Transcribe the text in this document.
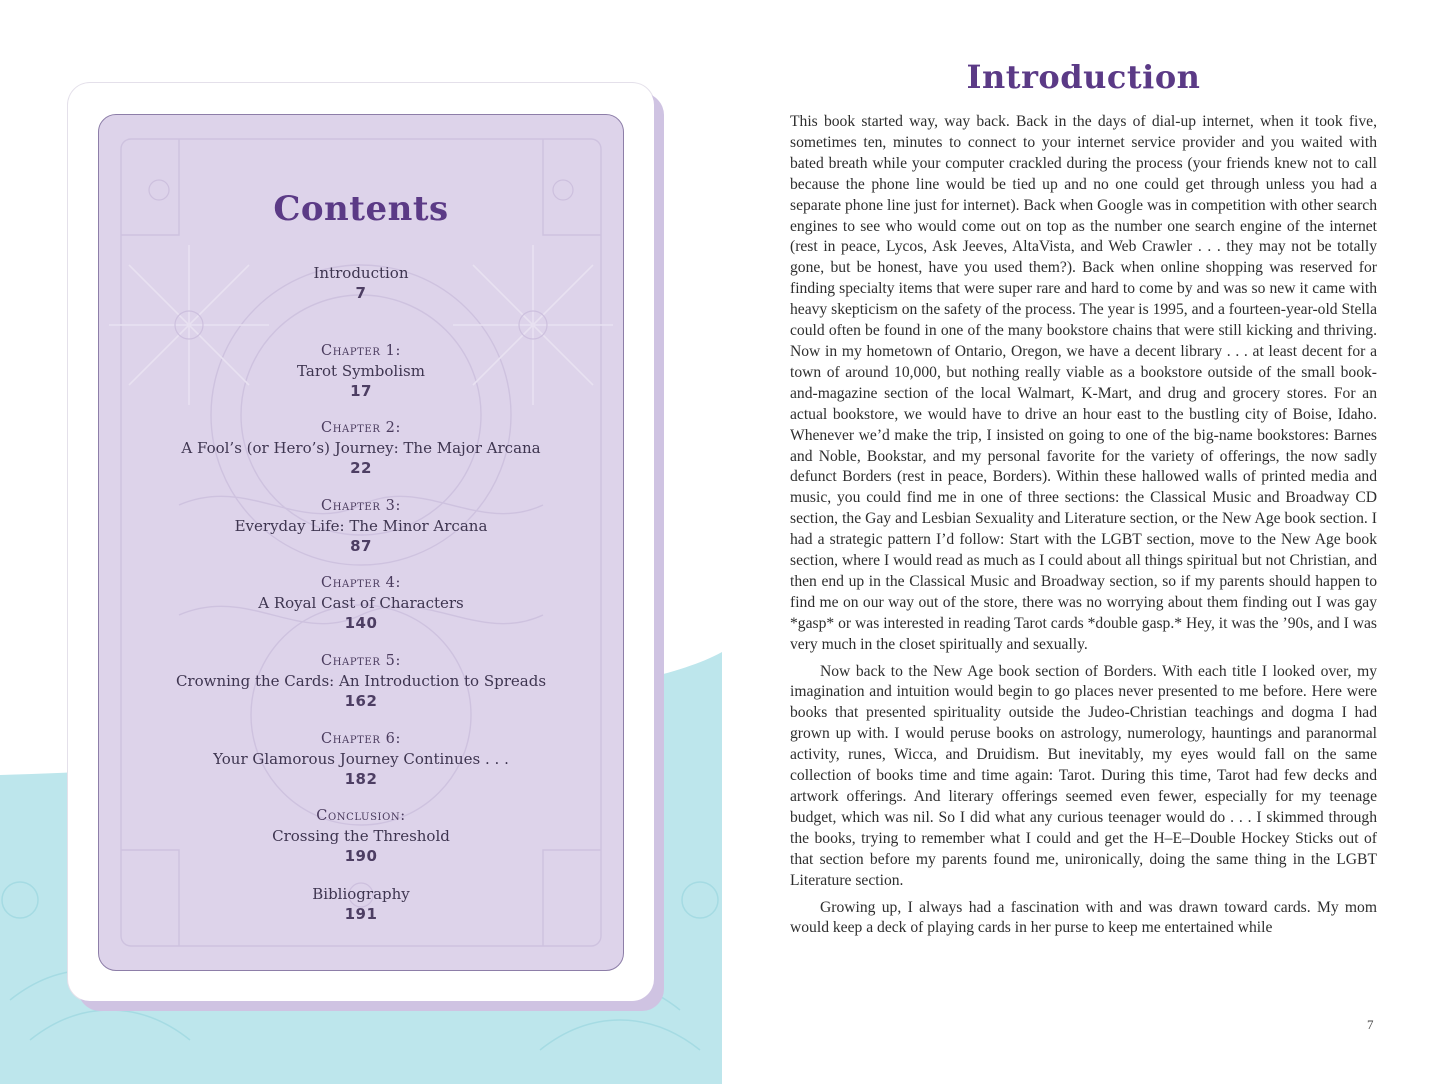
Contents
Introduction
7
Chapter 1:
Tarot Symbolism
17
Chapter 2:
A Fool’s (or Hero’s) Journey: The Major Arcana
22
Chapter 3:
Everyday Life: The Minor Arcana
87
Chapter 4:
A Royal Cast of Characters
140
Chapter 5:
Crowning the Cards: An Introduction to Spreads
162
Chapter 6:
Your Glamorous Journey Continues . . .
182
Conclusion:
Crossing the Threshold
190
Bibliography
191
Introduction

This book started way, way back. Back in the days of dial-up internet, when it took five, sometimes ten, minutes to connect to your internet service provider and you waited with bated breath while your computer crackled during the process (your friends knew not to call because the phone line would be tied up and no one could get through unless you had a separate phone line just for internet). Back when Google was in competition with other search engines to see who would come out on top as the number one search engine of the internet (rest in peace, Lycos, Ask Jeeves, AltaVista, and Web Crawler . . . they may not be totally gone, but be honest, have you used them?). Back when online shopping was reserved for finding specialty items that were super rare and hard to come by and was so new it came with heavy skepticism on the safety of the process. The year is 1995, and a fourteen-year-old Stella could often be found in one of the many bookstore chains that were still kicking and thriving. Now in my hometown of Ontario, Oregon, we have a decent library . . . at least decent for a town of around 10,000, but nothing really viable as a bookstore outside of the small book-and-magazine section of the local Walmart, K-Mart, and drug and grocery stores. For an actual bookstore, we would have to drive an hour east to the bustling city of Boise, Idaho. Whenever we’d make the trip, I insisted on going to one of the big-name bookstores: Barnes and Noble, Bookstar, and my personal favorite for the variety of offerings, the now sadly defunct Borders (rest in peace, Borders). Within these hallowed walls of printed media and music, you could find me in one of three sections: the Classical Music and Broadway CD section, the Gay and Lesbian Sexuality and Literature section, or the New Age book section. I had a strategic pattern I’d follow: Start with the LGBT section, move to the New Age book section, where I would read as much as I could about all things spiritual but not Christian, and then end up in the Classical Music and Broadway section, so if my parents should happen to find me on our way out of the store, there was no worrying about them finding out I was gay *gasp* or was interested in reading Tarot cards *double gasp.* Hey, it was the ’90s, and I was very much in the closet spiritually and sexually.

Now back to the New Age book section of Borders. With each title I looked over, my imagination and intuition would begin to go places never presented to me before. Here were books that presented spirituality outside the Judeo-Christian teachings and dogma I had grown up with. I would peruse books on astrology, numerology, hauntings and paranormal activity, runes, Wicca, and Druidism. But inevitably, my eyes would fall on the same collection of books time and time again: Tarot. During this time, Tarot had few decks and artwork offerings. And literary offerings seemed even fewer, especially for my teenage budget, which was nil. So I did what any curious teenager would do . . . I skimmed through the books, trying to remember what I could and get the H–E–Double Hockey Sticks out of that section before my parents found me, unironically, doing the same thing in the LGBT Literature section.

Growing up, I always had a fascination with and was drawn toward cards. My mom would keep a deck of playing cards in her purse to keep me entertained while

7
